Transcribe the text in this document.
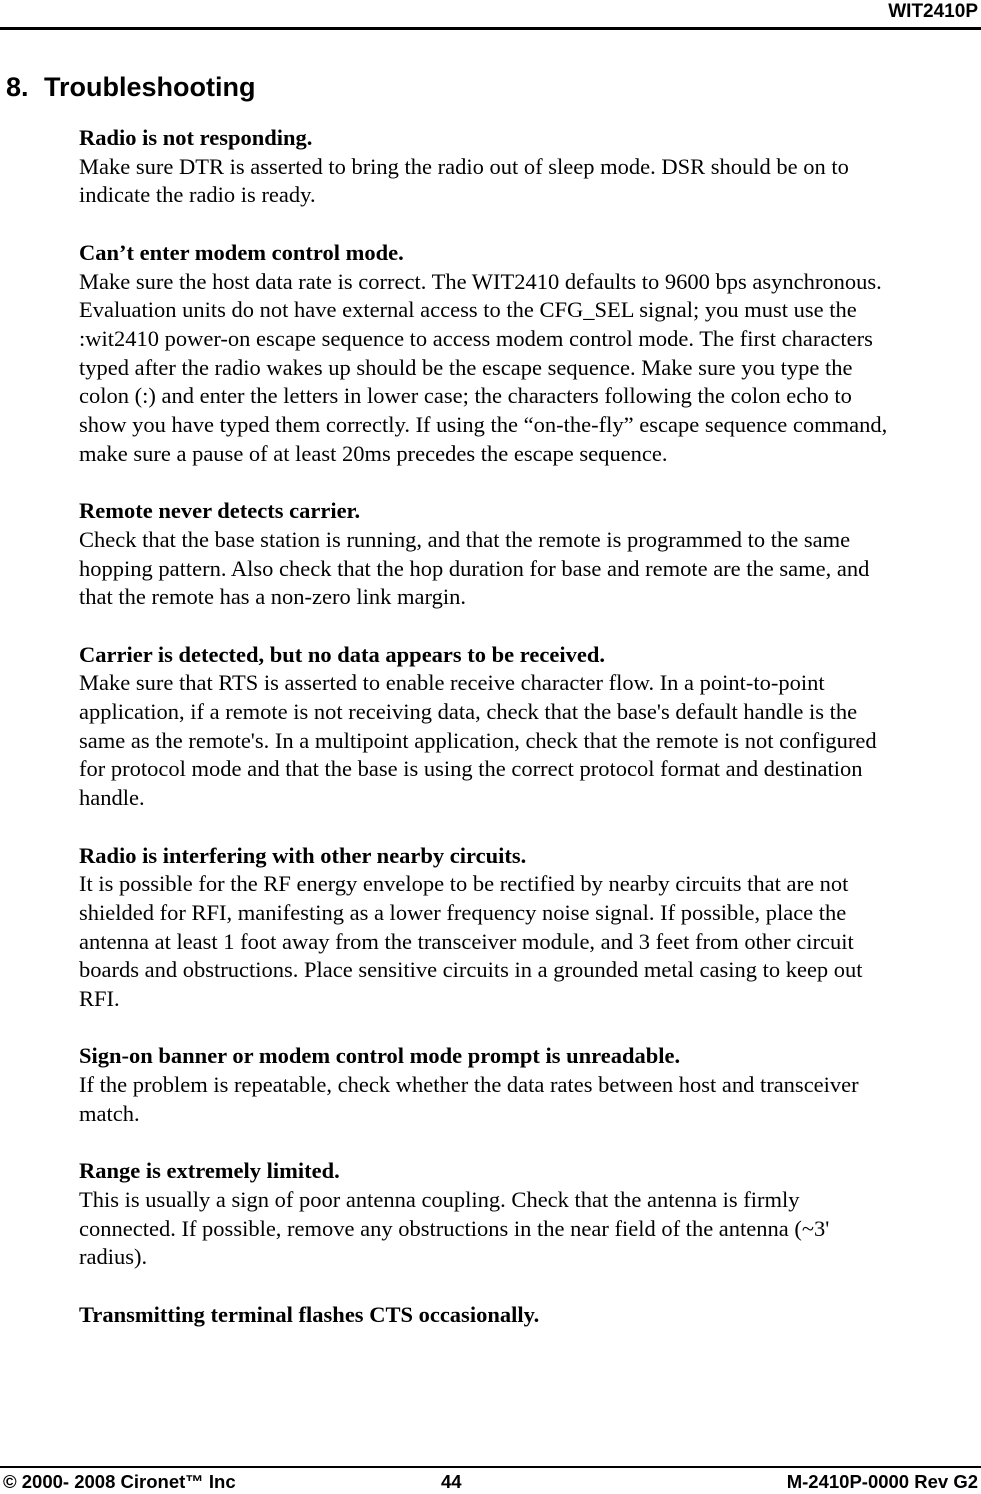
WIT2410P
8. Troubleshooting
Radio is not responding.
Make sure DTR is asserted to bring the radio out of sleep mode. DSR should be on to
indicate the radio is ready.
Can’t enter modem control mode.
Make sure the host data rate is correct. The WIT2410 defaults to 9600 bps asynchronous.
Evaluation units do not have external access to the CFG_SEL signal; you must use the
:wit2410 power-on escape sequence to access modem control mode. The first characters
typed after the radio wakes up should be the escape sequence. Make sure you type the
colon (:) and enter the letters in lower case; the characters following the colon echo to
show you have typed them correctly. If using the “on-the-fly” escape sequence command,
make sure a pause of at least 20ms precedes the escape sequence.
Remote never detects carrier.
Check that the base station is running, and that the remote is programmed to the same
hopping pattern. Also check that the hop duration for base and remote are the same, and
that the remote has a non-zero link margin.
Carrier is detected, but no data appears to be received.
Make sure that RTS is asserted to enable receive character flow. In a point-to-point
application, if a remote is not receiving data, check that the base's default handle is the
same as the remote's. In a multipoint application, check that the remote is not configured
for protocol mode and that the base is using the correct protocol format and destination
handle.
Radio is interfering with other nearby circuits.
It is possible for the RF energy envelope to be rectified by nearby circuits that are not
shielded for RFI, manifesting as a lower frequency noise signal. If possible, place the
antenna at least 1 foot away from the transceiver module, and 3 feet from other circuit
boards and obstructions. Place sensitive circuits in a grounded metal casing to keep out
RFI.
Sign-on banner or modem control mode prompt is unreadable.
If the problem is repeatable, check whether the data rates between host and transceiver
match.
Range is extremely limited.
This is usually a sign of poor antenna coupling. Check that the antenna is firmly
connected. If possible, remove any obstructions in the near field of the antenna (~3'
radius).
Transmitting terminal flashes CTS occasionally.
© 2000- 2008 Cironet™ Inc	44	M-2410P-0000 Rev G2
